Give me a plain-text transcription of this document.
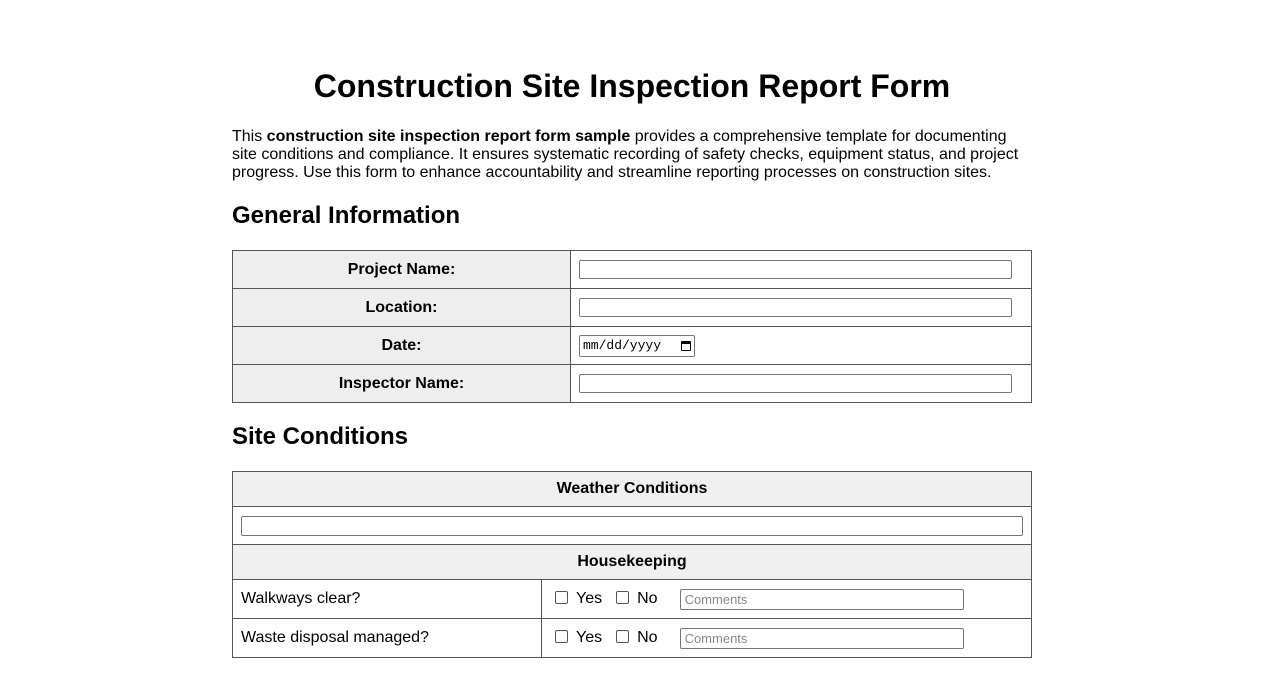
Construction Site Inspection Report Form

This construction site inspection report form sample provides a comprehensive template for documenting site conditions and compliance. It ensures systematic recording of safety checks, equipment status, and project progress. Use this form to enhance accountability and streamline reporting processes on construction sites.

General Information
Project Name:	

Location:	

Date:	mm/dd/yyyy

Inspector Name:	
Site Conditions
Weather Conditions	

Housekeeping	
Walkways clear?	Yes No Comments

Waste disposal managed?	Yes No Comments
